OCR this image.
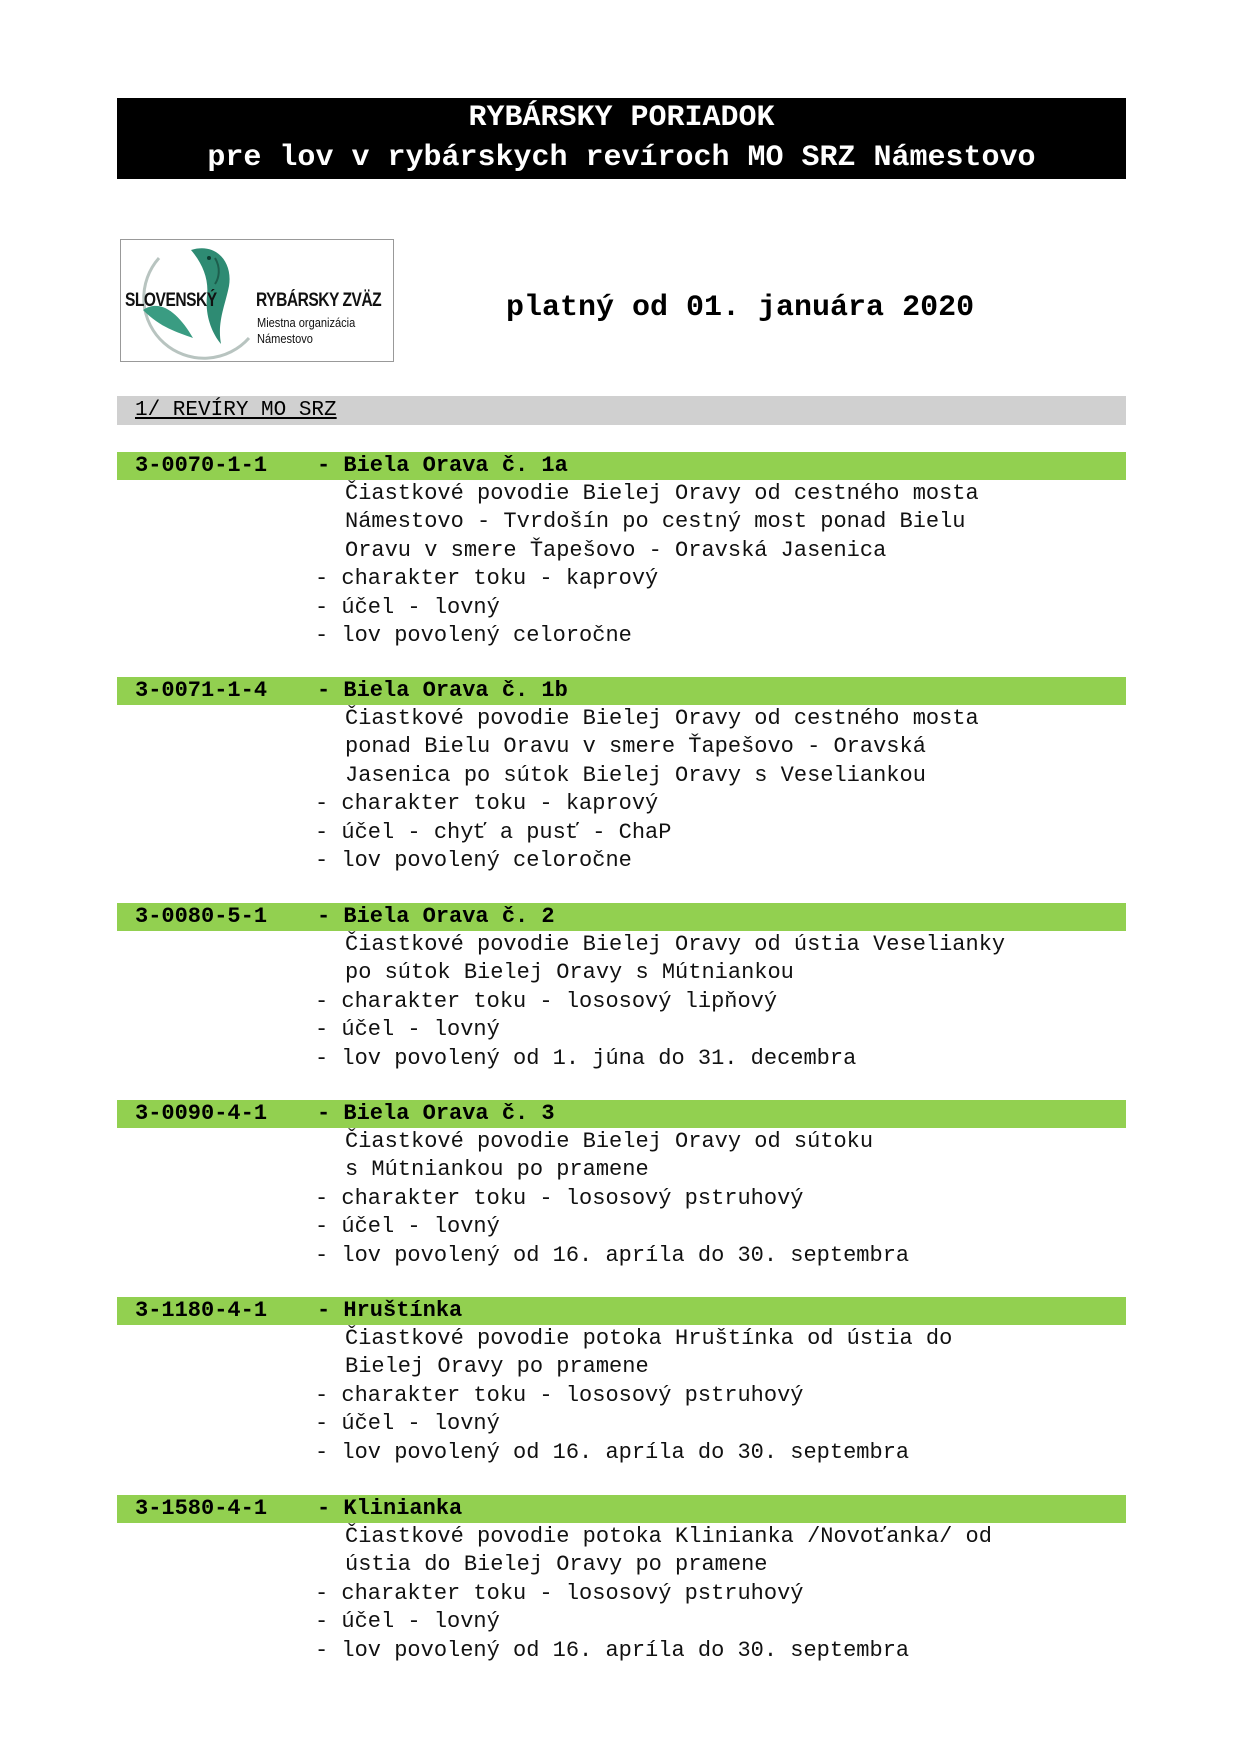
RYBÁRSKY PORIADOK
pre lov v rybárskych revíroch MO SRZ Námestovo
SLOVENSKÝ RYBÁRSKY ZVÄZ
Miestna organizácia
Námestovo
platný od 01. januára 2020
1/ REVÍRY MO SRZ
3-0070-1-1 - Biela Orava č. 1a
Čiastkové povodie Bielej Oravy od cestného mosta
Námestovo - Tvrdošín po cestný most ponad Bielu
Oravu v smere Ťapešovo - Oravská Jasenica
- charakter toku - kaprový
- účel - lovný
- lov povolený celoročne
3-0071-1-4 - Biela Orava č. 1b
Čiastkové povodie Bielej Oravy od cestného mosta
ponad Bielu Oravu v smere Ťapešovo - Oravská
Jasenica po sútok Bielej Oravy s Veseliankou
- charakter toku - kaprový
- účel - chyť a pusť - ChaP
- lov povolený celoročne
3-0080-5-1 - Biela Orava č. 2
Čiastkové povodie Bielej Oravy od ústia Veselianky
po sútok Bielej Oravy s Mútniankou
- charakter toku - lososový lipňový
- účel - lovný
- lov povolený od 1. júna do 31. decembra
3-0090-4-1 - Biela Orava č. 3
Čiastkové povodie Bielej Oravy od sútoku
s Mútniankou po pramene
- charakter toku - lososový pstruhový
- účel - lovný
- lov povolený od 16. apríla do 30. septembra
3-1180-4-1 - Hruštínka
Čiastkové povodie potoka Hruštínka od ústia do
Bielej Oravy po pramene
- charakter toku - lososový pstruhový
- účel - lovný
- lov povolený od 16. apríla do 30. septembra
3-1580-4-1 - Klinianka
Čiastkové povodie potoka Klinianka /Novoťanka/ od
ústia do Bielej Oravy po pramene
- charakter toku - lososový pstruhový
- účel - lovný
- lov povolený od 16. apríla do 30. septembra
